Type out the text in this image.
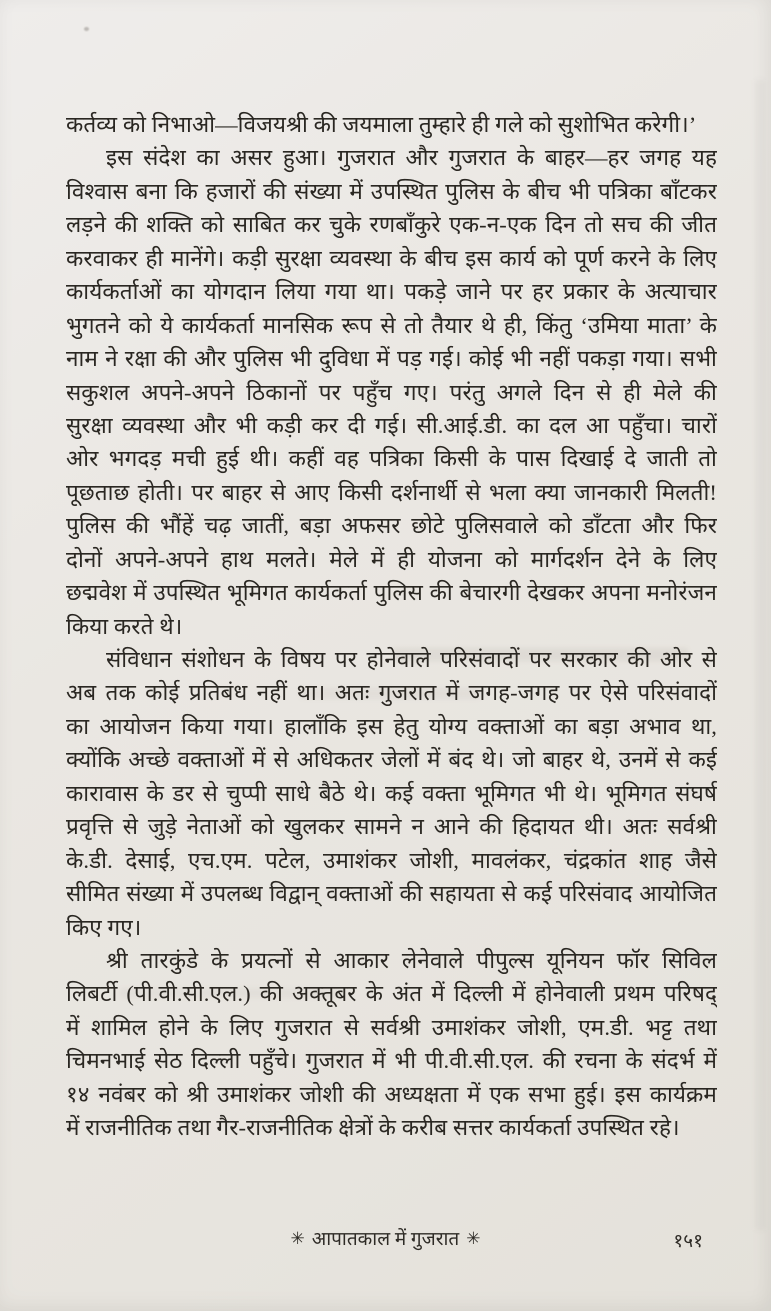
कर्तव्य को निभाओ—विजयश्री की जयमाला तुम्हारे ही गले को सुशोभित करेगी।’
इस संदेश का असर हुआ। गुजरात और गुजरात के बाहर—हर जगह यह
विश्वास बना कि हजारों की संख्या में उपस्थित पुलिस के बीच भी पत्रिका बाँटकर
लड़ने की शक्ति को साबित कर चुके रणबाँकुरे एक-न-एक दिन तो सच की जीत
करवाकर ही मानेंगे। कड़ी सुरक्षा व्यवस्था के बीच इस कार्य को पूर्ण करने के लिए
कार्यकर्ताओं का योगदान लिया गया था। पकड़े जाने पर हर प्रकार के अत्याचार
भुगतने को ये कार्यकर्ता मानसिक रूप से तो तैयार थे ही, किंतु ‘उमिया माता’ के
नाम ने रक्षा की और पुलिस भी दुविधा में पड़ गई। कोई भी नहीं पकड़ा गया। सभी
सकुशल अपने-अपने ठिकानों पर पहुँच गए। परंतु अगले दिन से ही मेले की
सुरक्षा व्यवस्था और भी कड़ी कर दी गई। सी.आई.डी. का दल आ पहुँचा। चारों
ओर भगदड़ मची हुई थी। कहीं वह पत्रिका किसी के पास दिखाई दे जाती तो
पूछताछ होती। पर बाहर से आए किसी दर्शनार्थी से भला क्या जानकारी मिलती!
पुलिस की भौंहें चढ़ जातीं, बड़ा अफसर छोटे पुलिसवाले को डाँटता और फिर
दोनों अपने-अपने हाथ मलते। मेले में ही योजना को मार्गदर्शन देने के लिए
छद्मवेश में उपस्थित भूमिगत कार्यकर्ता पुलिस की बेचारगी देखकर अपना मनोरंजन
किया करते थे।
संविधान संशोधन के विषय पर होनेवाले परिसंवादों पर सरकार की ओर से
अब तक कोई प्रतिबंध नहीं था। अतः गुजरात में जगह-जगह पर ऐसे परिसंवादों
का आयोजन किया गया। हालाँकि इस हेतु योग्य वक्ताओं का बड़ा अभाव था,
क्योंकि अच्छे वक्ताओं में से अधिकतर जेलों में बंद थे। जो बाहर थे, उनमें से कई
कारावास के डर से चुप्पी साधे बैठे थे। कई वक्ता भूमिगत भी थे। भूमिगत संघर्ष
प्रवृत्ति से जुड़े नेताओं को खुलकर सामने न आने की हिदायत थी। अतः सर्वश्री
के.डी. देसाई, एच.एम. पटेल, उमाशंकर जोशी, मावलंकर, चंद्रकांत शाह जैसे
सीमित संख्या में उपलब्ध विद्वान् वक्ताओं की सहायता से कई परिसंवाद आयोजित
किए गए।
श्री तारकुंडे के प्रयत्नों से आकार लेनेवाले पीपुल्स यूनियन फॉर सिविल
लिबर्टी (पी.वी.सी.एल.) की अक्तूबर के अंत में दिल्ली में होनेवाली प्रथम परिषद्
में शामिल होने के लिए गुजरात से सर्वश्री उमाशंकर जोशी, एम.डी. भट्ट तथा
चिमनभाई सेठ दिल्ली पहुँचे। गुजरात में भी पी.वी.सी.एल. की रचना के संदर्भ में
१४ नवंबर को श्री उमाशंकर जोशी की अध्यक्षता में एक सभा हुई। इस कार्यक्रम
में राजनीतिक तथा गैर-राजनीतिक क्षेत्रों के करीब सत्तर कार्यकर्ता उपस्थित रहे।
✳ आपातकाल में गुजरात ✳	१५१
